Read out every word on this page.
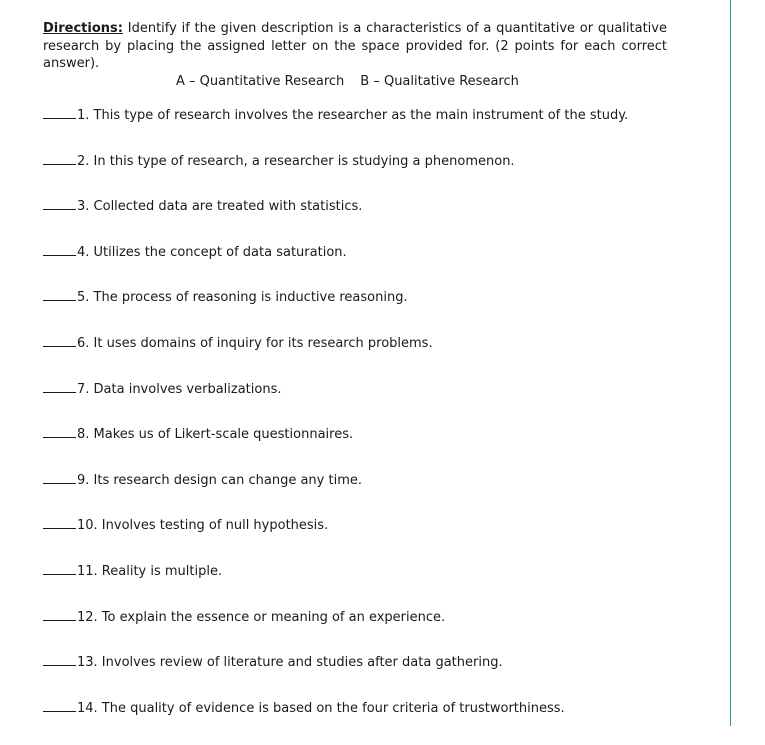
Directions: Identify if the given description is a characteristics of a quantitative or qualitative research by placing the assigned letter on the space provided for. (2 points for each correct answer).
A – Quantitative Research B – Qualitative Research
1. This type of research involves the researcher as the main instrument of the study.
2. In this type of research, a researcher is studying a phenomenon.
3. Collected data are treated with statistics.
4. Utilizes the concept of data saturation.
5. The process of reasoning is inductive reasoning.
6. It uses domains of inquiry for its research problems.
7. Data involves verbalizations.
8. Makes us of Likert-scale questionnaires.
9. Its research design can change any time.
10. Involves testing of null hypothesis.
11. Reality is multiple.
12. To explain the essence or meaning of an experience.
13. Involves review of literature and studies after data gathering.
14. The quality of evidence is based on the four criteria of trustworthiness.
